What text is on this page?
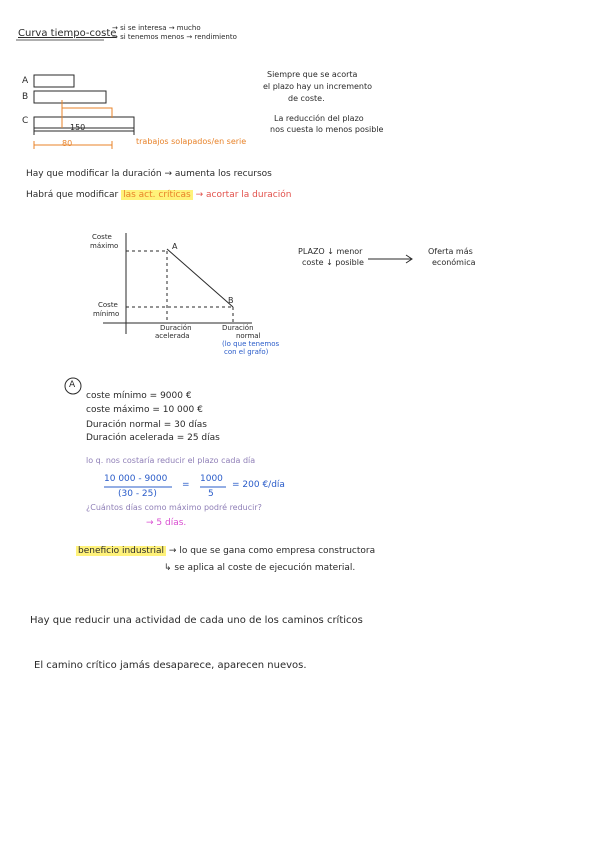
Curva tiempo-coste
→ si se interesa → mucho
→ si tenemos menos → rendimiento
A
B
C
150
80	trabajos solapados/en serie
Siempre que se acorta
el plazo hay un incremento
de coste.
La reducción del plazo
nos cuesta lo menos posible
Hay que modificar la duración → aumenta los recursos
Habrá que modificar las act. críticas → acortar la duración
Coste
máximo
Coste
mínimo
A
B
Duración
acelerada
Duración
normal
(lo que tenemos
con el grafo)
PLAZO ↓ menor
coste ↓ posible
Oferta más
económica
A
coste mínimo = 9000 €
coste máximo = 10 000 €
Duración normal = 30 días
Duración acelerada = 25 días
lo q. nos costaría reducir el plazo cada día
10 000 - 9000
(30 - 25)
=
1000
5
= 200 €/día
¿Cuántos días como máximo podré reducir?
→ 5 días.
beneficio industrial → lo que se gana como empresa constructora
↳ se aplica al coste de ejecución material.
Hay que reducir una actividad de cada uno de los caminos críticos
El camino crítico jamás desaparece, aparecen nuevos.
